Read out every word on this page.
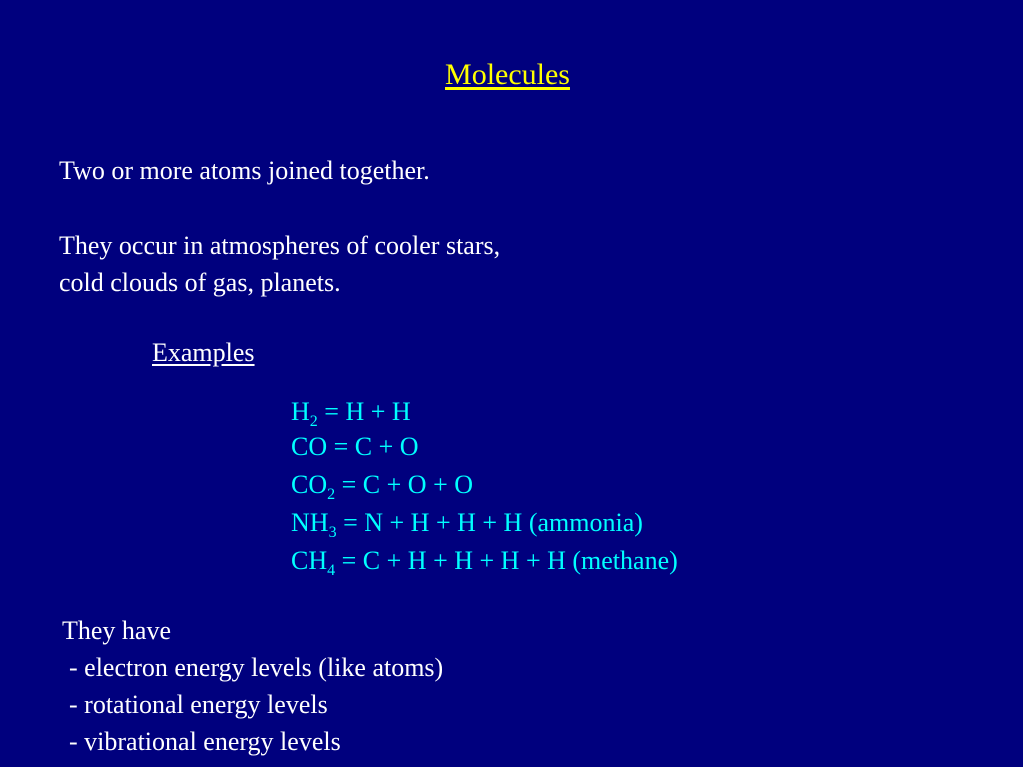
Molecules
Two or more atoms joined together.
They occur in atmospheres of cooler stars,
cold clouds of gas, planets.
Examples
$H_2 = H + H$
CO = C + O
$CO_2 = C + O + O$
$NH_3 = N + H + H + H$ (ammonia)
$CH_4 = C + H + H + H + H$ (methane)
They have
- electron energy levels (like atoms)
- rotational energy levels
- vibrational energy levels
